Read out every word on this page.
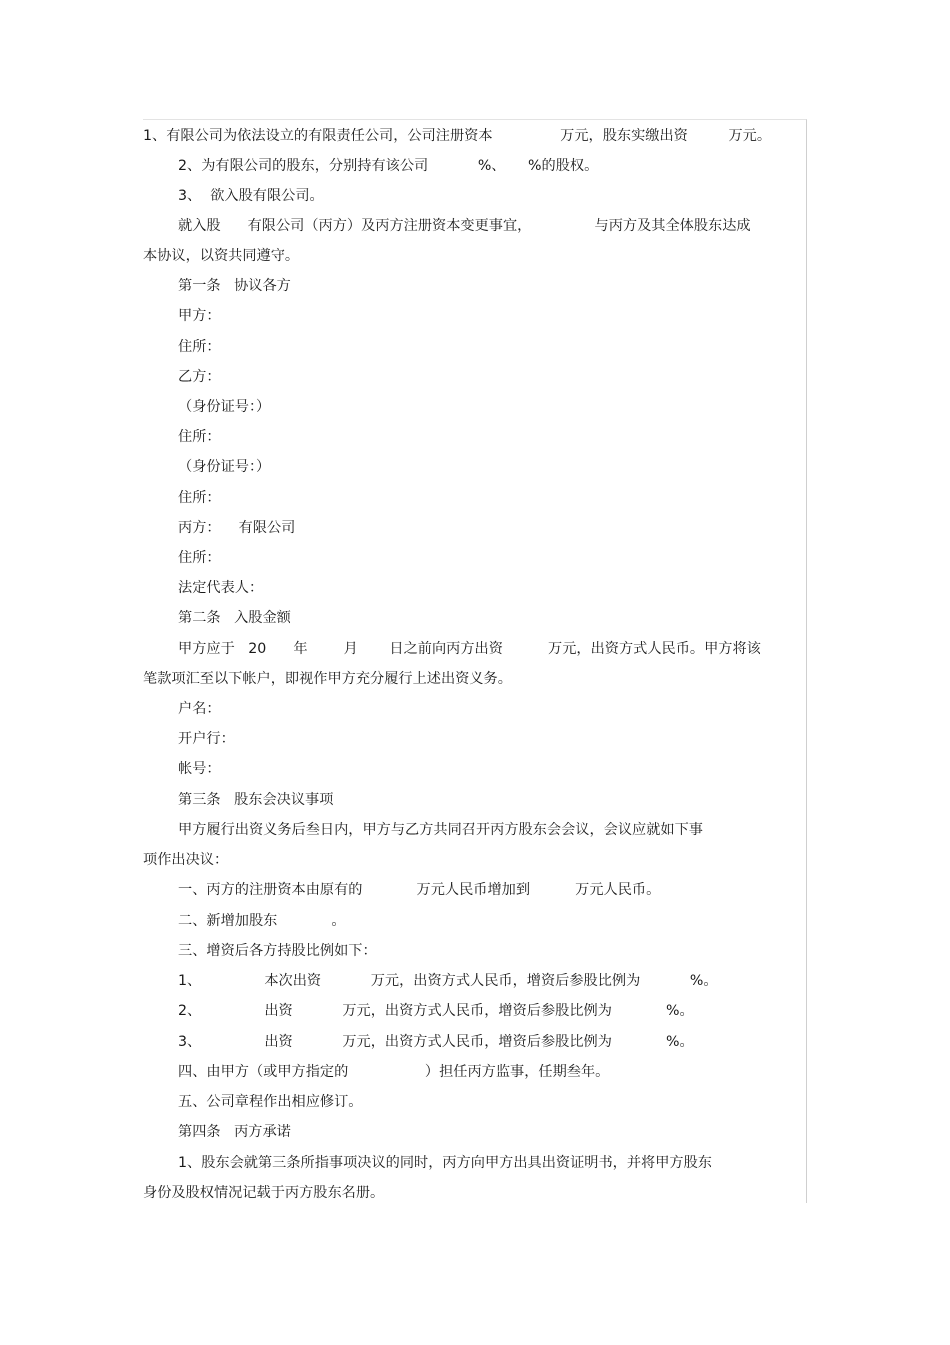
1、有限公司为依法设立的有限责任公司，公司注册资本               万元，股东实缴出资         万元。
2、为有限公司的股东，分别持有该公司           %、     %的股权。
3、  欲入股有限公司。
就入股      有限公司（丙方）及丙方注册资本变更事宜，              与丙方及其全体股东达成
本协议，以资共同遵守。
第一条   协议各方
甲方：
住所：
乙方：
（身份证号：）
住所：
（身份证号：）
住所：
丙方：    有限公司
住所：
法定代表人：
第二条   入股金额
甲方应于   20      年        月       日之前向丙方出资          万元，出资方式人民币。甲方将该
笔款项汇至以下帐户，即视作甲方充分履行上述出资义务。
户名：
开户行：
帐号：
第三条   股东会决议事项
甲方履行出资义务后叁日内，甲方与乙方共同召开丙方股东会会议，会议应就如下事
项作出决议：
一、丙方的注册资本由原有的            万元人民币增加到          万元人民币。
二、新增加股东            。
三、增资后各方持股比例如下：
1、              本次出资           万元，出资方式人民币，增资后参股比例为           %。
2、              出资           万元，出资方式人民币，增资后参股比例为            %。
3、              出资           万元，出资方式人民币，增资后参股比例为            %。
四、由甲方（或甲方指定的                 ）担任丙方监事，任期叁年。
五、公司章程作出相应修订。
第四条   丙方承诺
1、股东会就第三条所指事项决议的同时，丙方向甲方出具出资证明书，并将甲方股东
身份及股权情况记载于丙方股东名册。
